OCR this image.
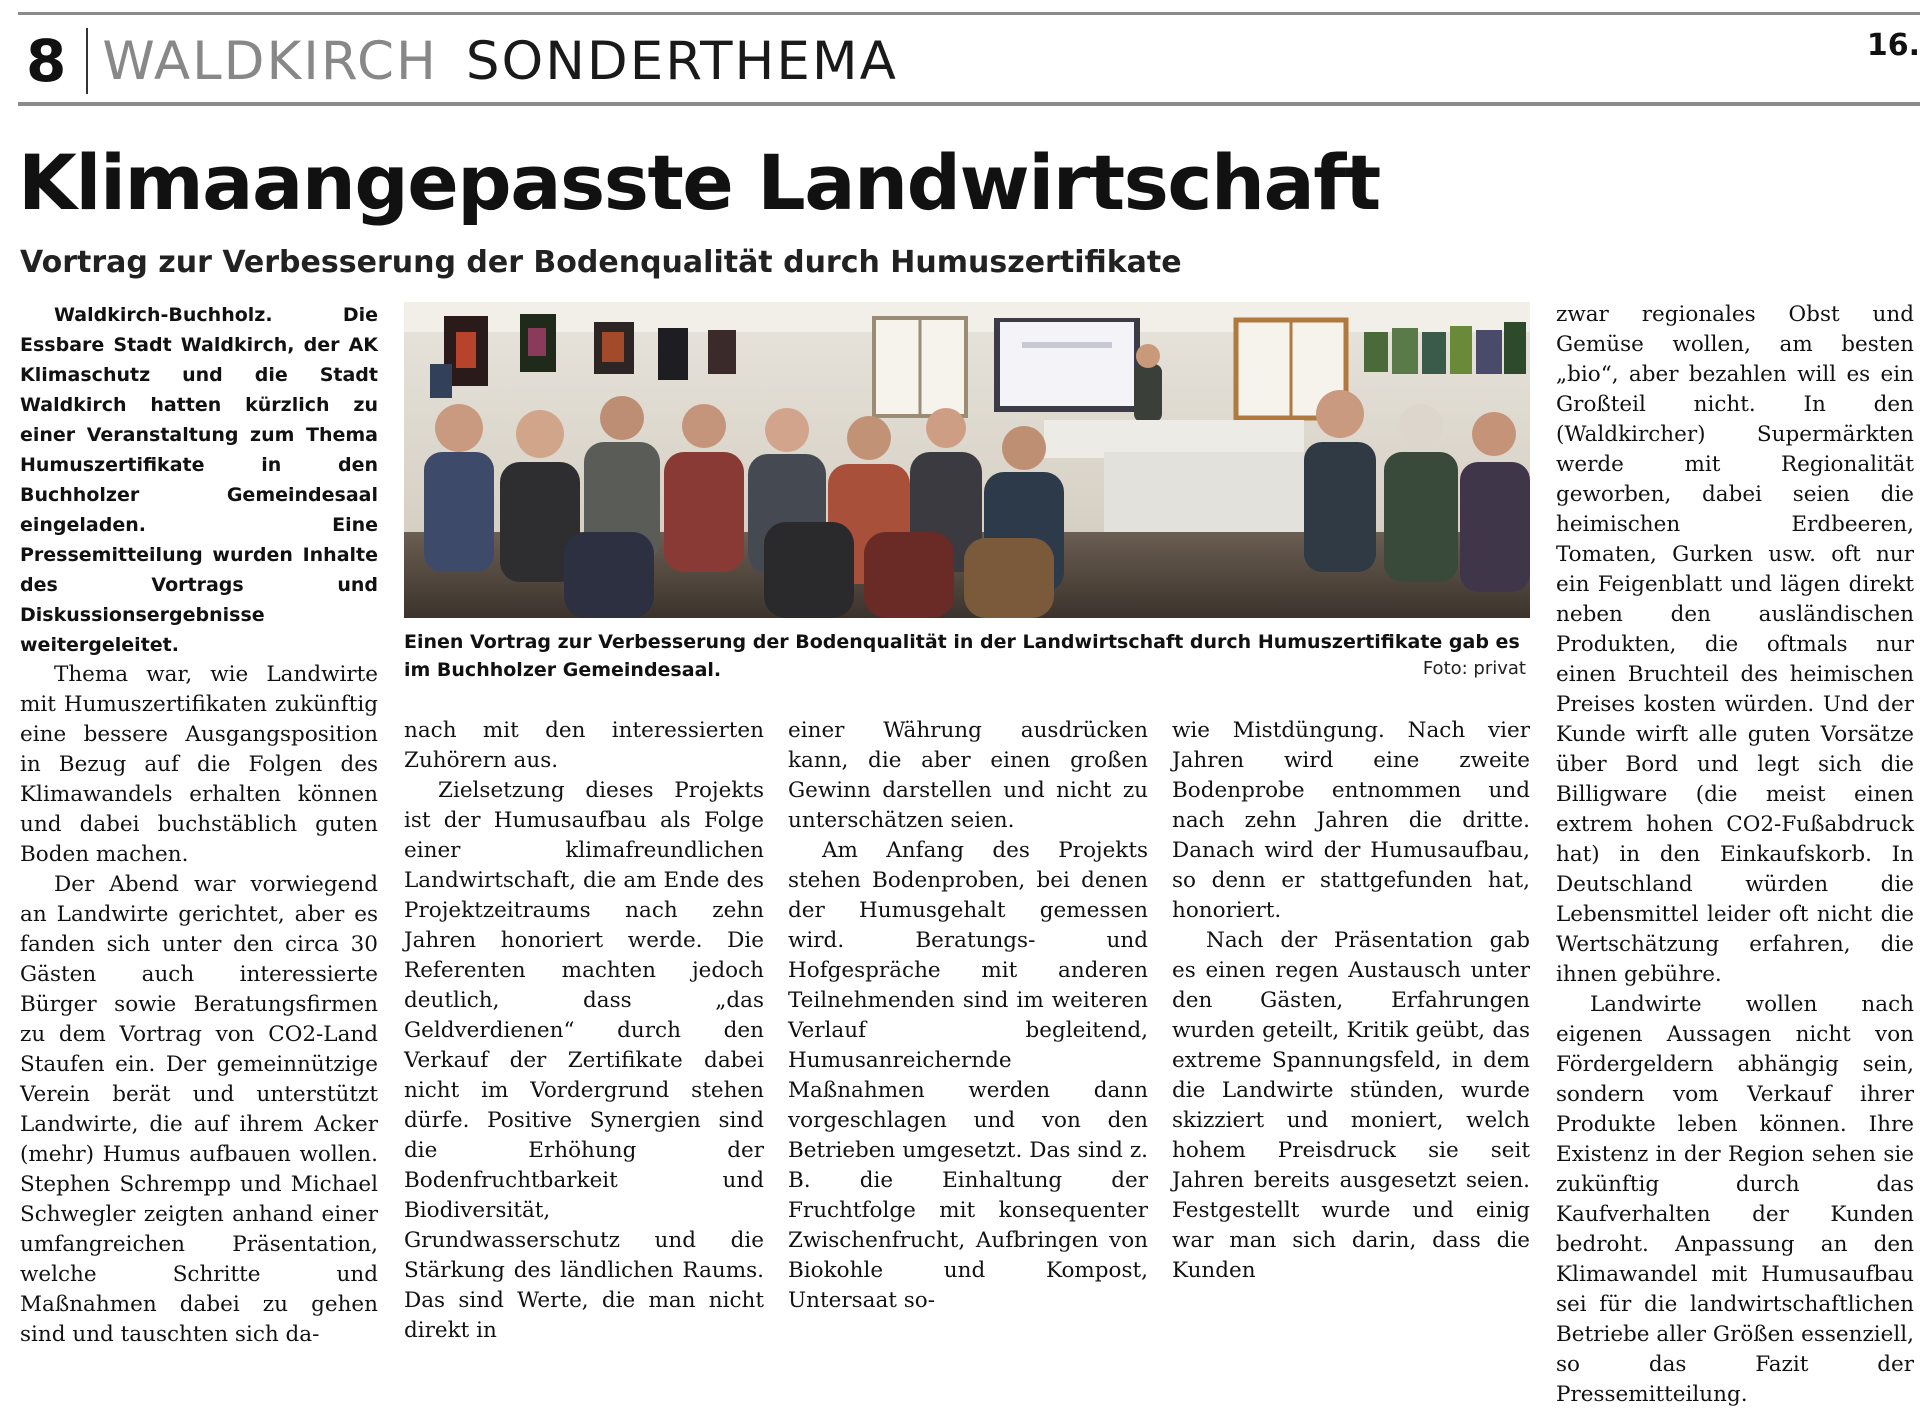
8 WALDKIRCH SONDERTHEMA	16.
Klimaangepasste Landwirtschaft
Vortrag zur Verbesserung der Bodenqualität durch Humuszertifikate

Waldkirch-Buchholz. Die Essbare Stadt Waldkirch, der AK Klimaschutz und die Stadt Waldkirch hatten kürzlich zu einer Veranstaltung zum Thema Humuszertifikate in den Buchholzer Gemeindesaal eingeladen. Eine Pressemitteilung wurden Inhalte des Vortrags und Diskussionsergebnisse weitergeleitet.

Thema war, wie Landwirte mit Humuszertifikaten zukünftig eine bessere Ausgangsposition in Bezug auf die Folgen des Klimawandels erhalten können und dabei buchstäblich guten Boden machen.

Der Abend war vorwiegend an Landwirte gerichtet, aber es fanden sich unter den circa 30 Gästen auch interessierte Bürger sowie Beratungsfirmen zu dem Vortrag von CO2-Land Staufen ein. Der gemeinnützige Verein berät und unterstützt Landwirte, die auf ihrem Acker (mehr) Humus aufbauen wollen. Stephen Schrempp und Michael Schwegler zeigten anhand einer umfangreichen Präsentation, welche Schritte und Maßnahmen dabei zu gehen sind und tauschten sich da-

Einen Vortrag zur Verbesserung der Bodenqualität in der Landwirtschaft durch Humuszertifikate gab es im Buchholzer Gemeindesaal.	Foto: privat

nach mit den interessierten Zuhörern aus.

Zielsetzung dieses Projekts ist der Humusaufbau als Folge einer klimafreundlichen Landwirtschaft, die am Ende des Projektzeitraums nach zehn Jahren honoriert werde. Die Referenten machten jedoch deutlich, dass „das Geldverdienen“ durch den Verkauf der Zertifikate dabei nicht im Vordergrund stehen dürfe. Positive Synergien sind die Erhöhung der Bodenfruchtbarkeit und Biodiversität, Grundwasserschutz und die Stärkung des ländlichen Raums. Das sind Werte, die man nicht direkt in

einer Währung ausdrücken kann, die aber einen großen Gewinn darstellen und nicht zu unterschätzen seien.

Am Anfang des Projekts stehen Bodenproben, bei denen der Humusgehalt gemessen wird. Beratungs- und Hofgespräche mit anderen Teilnehmenden sind im weiteren Verlauf begleitend, Humusanreichernde Maßnahmen werden dann vorgeschlagen und von den Betrieben umgesetzt. Das sind z. B. die Einhaltung der Fruchtfolge mit konsequenter Zwischenfrucht, Aufbringen von Biokohle und Kompost, Untersaat so-

wie Mistdüngung. Nach vier Jahren wird eine zweite Bodenprobe entnommen und nach zehn Jahren die dritte. Danach wird der Humusaufbau, so denn er stattgefunden hat, honoriert.

Nach der Präsentation gab es einen regen Austausch unter den Gästen, Erfahrungen wurden geteilt, Kritik geübt, das extreme Spannungsfeld, in dem die Landwirte stünden, wurde skizziert und moniert, welch hohem Preisdruck sie seit Jahren bereits ausgesetzt seien. Festgestellt wurde und einig war man sich darin, dass die Kunden

zwar regionales Obst und Gemüse wollen, am besten „bio“, aber bezahlen will es ein Großteil nicht. In den (Waldkircher) Supermärkten werde mit Regionalität geworben, dabei seien die heimischen Erdbeeren, Tomaten, Gurken usw. oft nur ein Feigenblatt und lägen direkt neben den ausländischen Produkten, die oftmals nur einen Bruchteil des heimischen Preises kosten würden. Und der Kunde wirft alle guten Vorsätze über Bord und legt sich die Billigware (die meist einen extrem hohen CO2-Fußabdruck hat) in den Einkaufskorb. In Deutschland würden die Lebensmittel leider oft nicht die Wertschätzung erfahren, die ihnen gebühre.

Landwirte wollen nach eigenen Aussagen nicht von Fördergeldern abhängig sein, sondern vom Verkauf ihrer Produkte leben können. Ihre Existenz in der Region sehen sie zukünftig durch das Kaufverhalten der Kunden bedroht. Anpassung an den Klimawandel mit Humusaufbau sei für die landwirtschaftlichen Betriebe aller Größen essenziell, so das Fazit der Pressemitteilung.
